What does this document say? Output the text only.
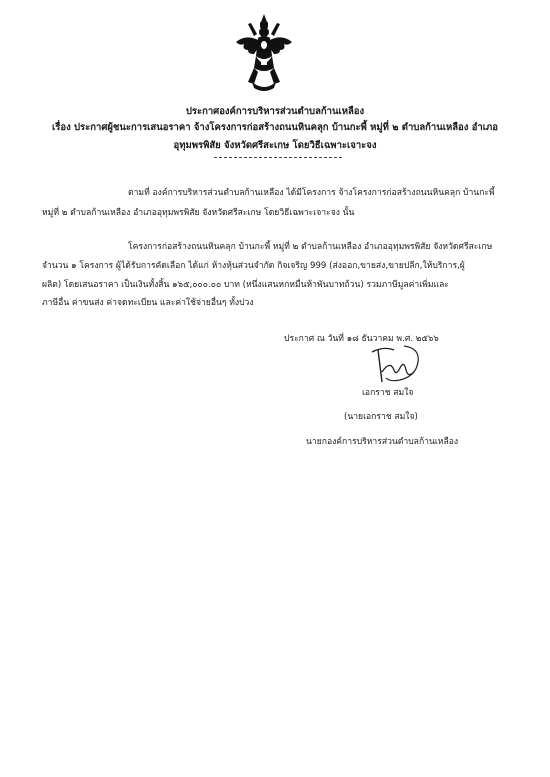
ประกาศองค์การบริหารส่วนตำบลก้านเหลือง
เรื่อง ประกาศผู้ชนะการเสนอราคา จ้างโครงการก่อสร้างถนนหินคลุก บ้านกะพี้ หมู่ที่ ๒ ตำบลก้านเหลือง อำเภอ
อุทุมพรพิสัย จังหวัดศรีสะเกษ โดยวิธีเฉพาะเจาะจง
ตามที่ องค์การบริหารส่วนตำบลก้านเหลือง ได้มีโครงการ จ้างโครงการก่อสร้างถนนหินคลุก บ้านกะพี้
หมู่ที่ ๒ ตำบลก้านเหลือง อำเภออุทุมพรพิสัย จังหวัดศรีสะเกษ โดยวิธีเฉพาะเจาะจง นั้น
โครงการก่อสร้างถนนหินคลุก บ้านกะพี้ หมู่ที่ ๒ ตำบลก้านเหลือง อำเภออุทุมพรพิสัย จังหวัดศรีสะเกษ
จำนวน ๑ โครงการ ผู้ได้รับการคัดเลือก ได้แก่ ห้างหุ้นส่วนจำกัด กิจเจริญ 999 (ส่งออก,ขายส่ง,ขายปลีก,ให้บริการ,ผู้
ผลิต) โดยเสนอราคา เป็นเงินทั้งสิ้น ๑๖๕,๐๐๐.๐๐ บาท (หนึ่งแสนหกหมื่นห้าพันบาทถ้วน) รวมภาษีมูลค่าเพิ่มและ
ภาษีอื่น ค่าขนส่ง ค่าจดทะเบียน และค่าใช้จ่ายอื่นๆ ทั้งปวง
ประกาศ ณ วันที่ ๑๘ ธันวาคม พ.ศ. ๒๕๖๖
เอกราช สมใจ
(นายเอกราช สมใจ)
นายกองค์การบริหารส่วนตำบลก้านเหลือง
